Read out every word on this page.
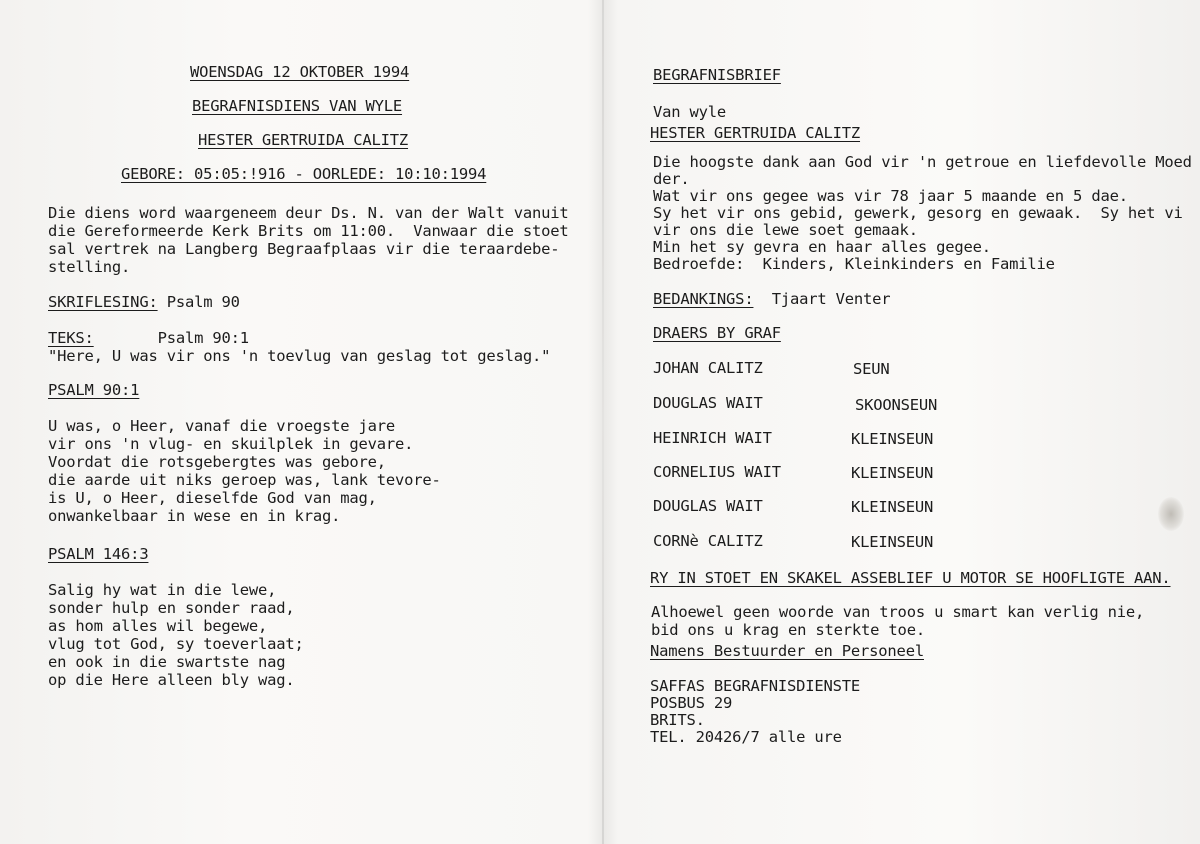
WOENSDAG 12 OKTOBER 1994
BEGRAFNISDIENS VAN WYLE
HESTER GERTRUIDA CALITZ
GEBORE: 05:05:!916 - OORLEDE: 10:10:1994
Die diens word waargeneem deur Ds. N. van der Walt vanuit
die Gereformeerde Kerk Brits om 11:00.  Vanwaar die stoet
sal vertrek na Langberg Begraafplaas vir die teraardebe-
stelling.
SKRIFLESING: Psalm 90
TEKS:       Psalm 90:1
"Here, U was vir ons 'n toevlug van geslag tot geslag."
PSALM 90:1
U was, o Heer, vanaf die vroegste jare
vir ons 'n vlug- en skuilplek in gevare.
Voordat die rotsgebergtes was gebore,
die aarde uit niks geroep was, lank tevore-
is U, o Heer, dieselfde God van mag,
onwankelbaar in wese en in krag.
PSALM 146:3
Salig hy wat in die lewe,
sonder hulp en sonder raad,
as hom alles wil begewe,
vlug tot God, sy toeverlaat;
en ook in die swartste nag
op die Here alleen bly wag.
BEGRAFNISBRIEF
Van wyle
HESTER GERTRUIDA CALITZ
Die hoogste dank aan God vir 'n getroue en liefdevolle Moed
der.
Wat vir ons gegee was vir 78 jaar 5 maande en 5 dae.
Sy het vir ons gebid, gewerk, gesorg en gewaak.  Sy het vi
vir ons die lewe soet gemaak.
Min het sy gevra en haar alles gegee.
Bedroefde:  Kinders, Kleinkinders en Familie
BEDANKINGS:  Tjaart Venter
DRAERS BY GRAF
JOHAN CALITZ	SEUN
DOUGLAS WAIT	SKOONSEUN
HEINRICH WAIT	KLEINSEUN
CORNELIUS WAIT	KLEINSEUN
DOUGLAS WAIT	KLEINSEUN
CORNè CALITZ	KLEINSEUN
RY IN STOET EN SKAKEL ASSEBLIEF U MOTOR SE HOOFLIGTE AAN.
Alhoewel geen woorde van troos u smart kan verlig nie,
bid ons u krag en sterkte toe.
Namens Bestuurder en Personeel
SAFFAS BEGRAFNISDIENSTE
POSBUS 29
BRITS.
TEL. 20426/7 alle ure
